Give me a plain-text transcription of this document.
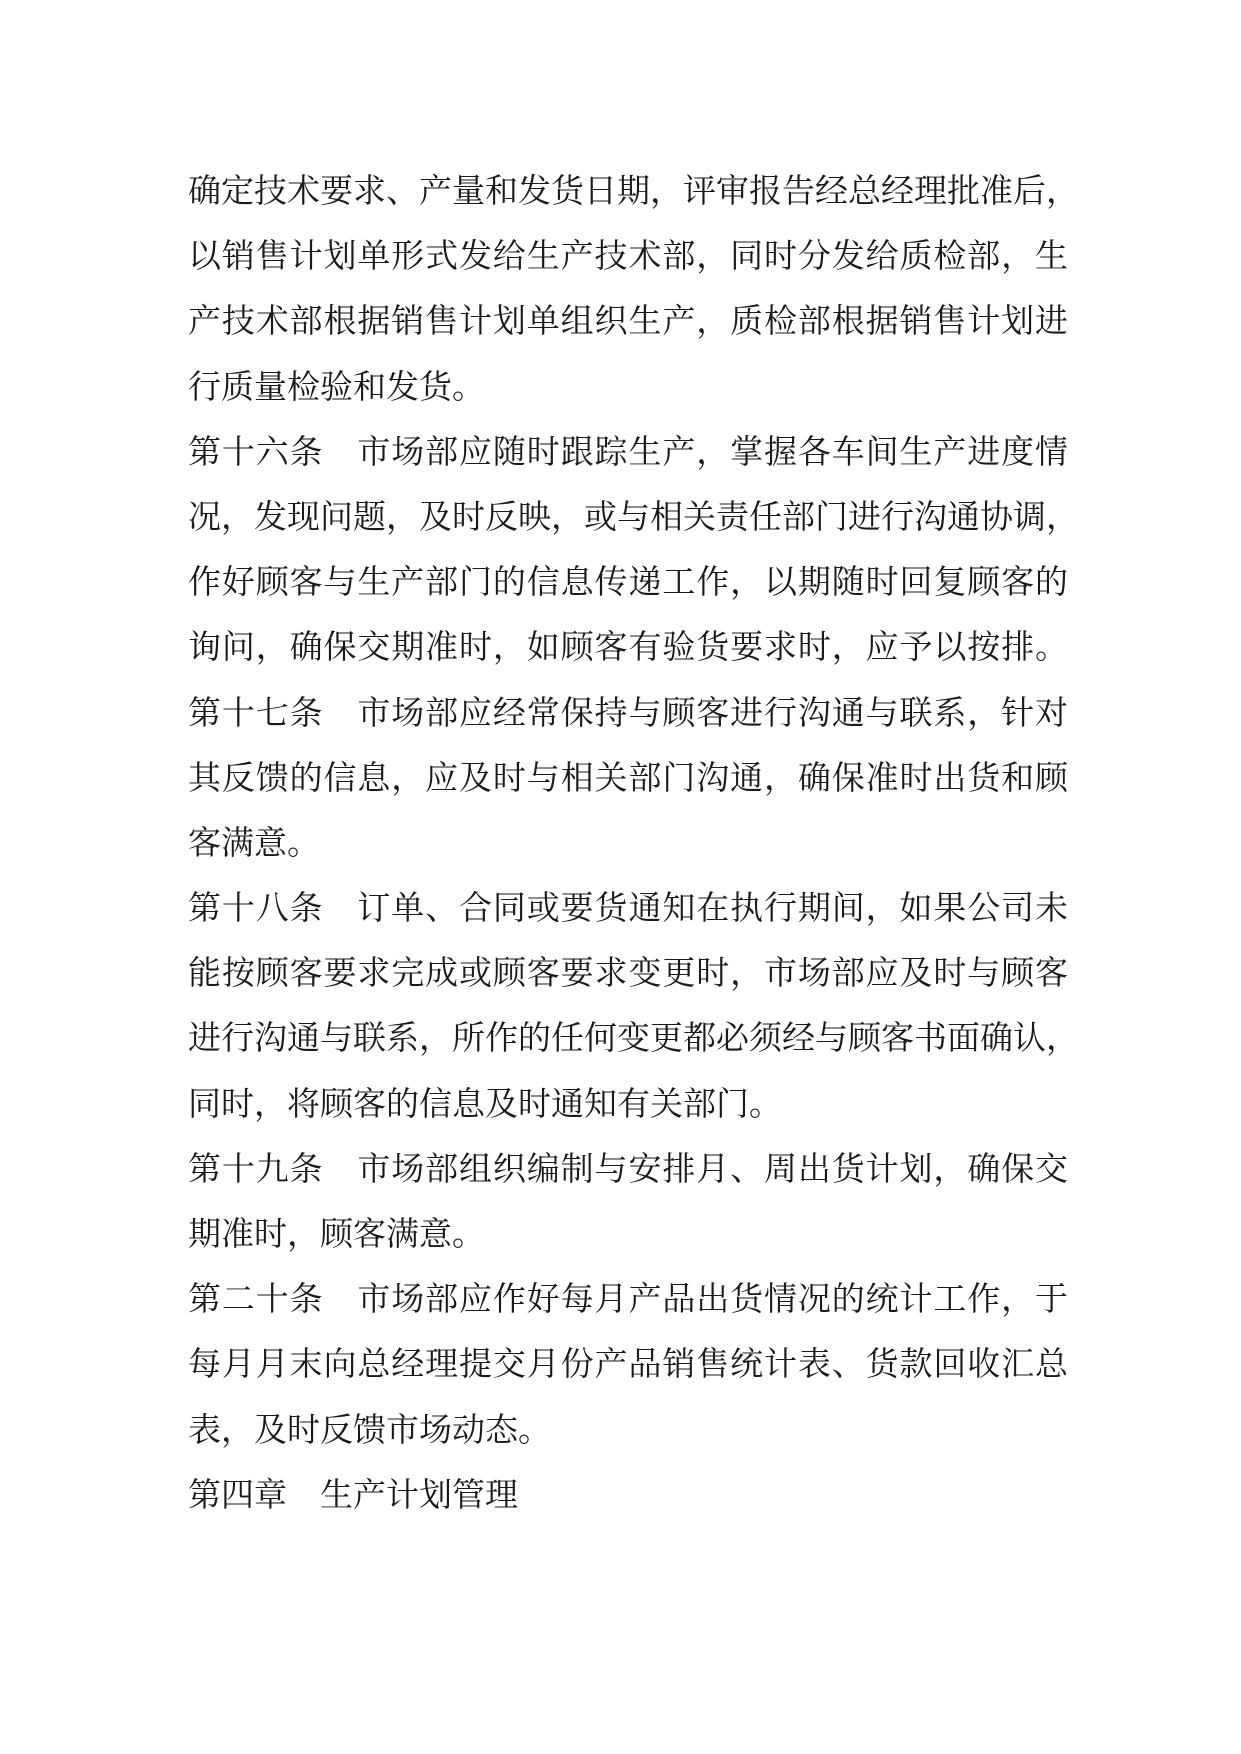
确定技术要求、产量和发货日期，评审报告经总经理批准后，
以销售计划单形式发给生产技术部，同时分发给质检部，生
产技术部根据销售计划单组织生产，质检部根据销售计划进
行质量检验和发货。
第十六条　市场部应随时跟踪生产，掌握各车间生产进度情
况，发现问题，及时反映，或与相关责任部门进行沟通协调，
作好顾客与生产部门的信息传递工作，以期随时回复顾客的
询问，确保交期准时，如顾客有验货要求时，应予以按排。
第十七条　市场部应经常保持与顾客进行沟通与联系，针对
其反馈的信息，应及时与相关部门沟通，确保准时出货和顾
客满意。
第十八条　订单、合同或要货通知在执行期间，如果公司未
能按顾客要求完成或顾客要求变更时，市场部应及时与顾客
进行沟通与联系，所作的任何变更都必须经与顾客书面确认，
同时，将顾客的信息及时通知有关部门。
第十九条　市场部组织编制与安排月、周出货计划，确保交
期准时，顾客满意。
第二十条　市场部应作好每月产品出货情况的统计工作，于
每月月末向总经理提交月份产品销售统计表、货款回收汇总
表，及时反馈市场动态。
第四章　生产计划管理
